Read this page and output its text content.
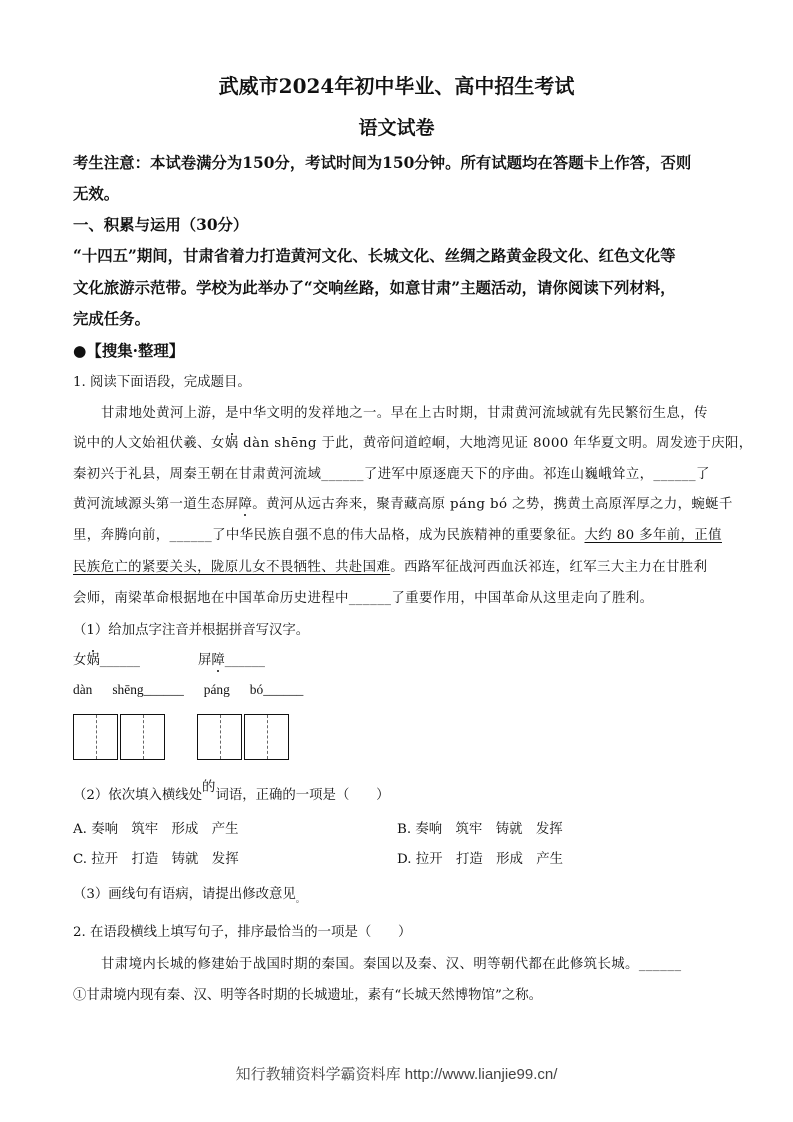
武威市2024年初中毕业、高中招生考试
语文试卷
考生注意：本试卷满分为150分，考试时间为150分钟。所有试题均在答题卡上作答，否则
无效。
一、积累与运用（30分）
“十四五”期间，甘肃省着力打造黄河文化、长城文化、丝绸之路黄金段文化、红色文化等
文化旅游示范带。学校为此举办了“交响丝路，如意甘肃”主题活动，请你阅读下列材料，
完成任务。
●【搜集·整理】
1. 阅读下面语段，完成题目。
甘肃地处黄河上游，是中华文明的发祥地之一。早在上古时期，甘肃黄河流域就有先民繁衍生息，传
说中的人文始祖伏羲、女娲 dàn shēng 于此，黄帝问道崆峒，大地湾见证 8000 年华夏文明。周发迹于庆阳，
秦初兴于礼县，周秦王朝在甘肃黄河流域______了进军中原逐鹿天下的序曲。祁连山巍峨耸立，______了
黄河流域源头第一道生态屏障。黄河从远古奔来，聚青藏高原 páng bó 之势，携黄土高原浑厚之力，蜿蜒千
里，奔腾向前，______了中华民族自强不息的伟大品格，成为民族精神的重要象征。大约 80 多年前，正值
民族危亡的紧要关头，陇原儿女不畏牺牲、共赴国难。西路军征战河西血沃祁连，红军三大主力在甘胜利
会师，南梁革命根据地在中国革命历史进程中______了重要作用，中国革命从这里走向了胜利。
（1）给加点字注音并根据拼音写汉字。
女娲______	屏障______
dàn shēng______ páng bó______
（2）依次填入横线处的词语，正确的一项是（　　）
A. 奏响　筑牢　形成　产生	B. 奏响　筑牢　铸就　发挥
C. 拉开　打造　铸就　发挥	D. 拉开　打造　形成　产生
（3）画线句有语病，请提出修改意见$_。$
2. 在语段横线上填写句子，排序最恰当的一项是（　　）
甘肃境内长城的修建始于战国时期的秦国。秦国以及秦、汉、明等朝代都在此修筑长城。______
①甘肃境内现有秦、汉、明等各时期的长城遗址，素有“长城天然博物馆”之称。
知行教辅资料学霸资料库 http://www.lianjie99.cn/
